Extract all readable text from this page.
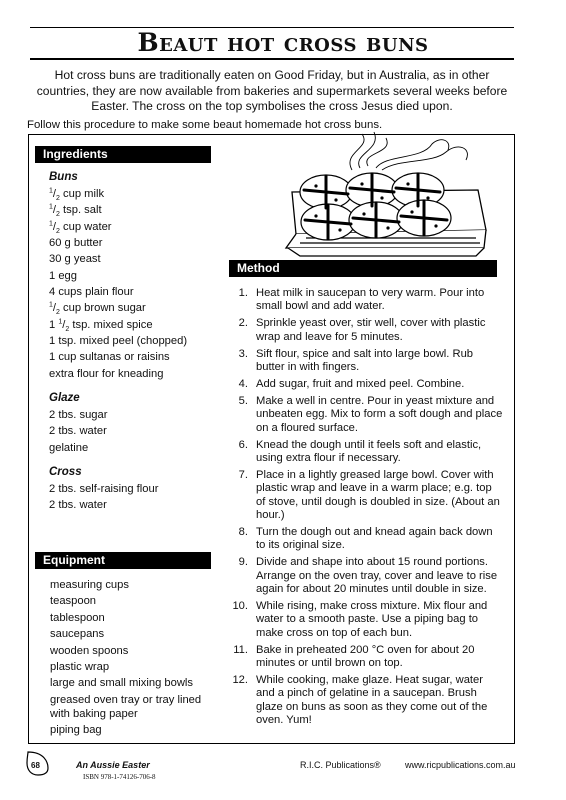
Beaut hot cross buns

Hot cross buns are traditionally eaten on Good Friday, but in Australia, as in other countries, they are now available from bakeries and supermarkets several weeks before Easter. The cross on the top symbolises the cross Jesus died upon.

Follow this procedure to make some beaut homemade hot cross buns.

Ingredients
Buns
$^1/_2$ cup milk
$^1/_2$ tsp. salt
$^1/_2$ cup water
60 g butter
30 g yeast
1 egg
4 cups plain flour
$^1/_2$ cup brown sugar
1 $^1/_2$ tsp. mixed spice
1 tsp. mixed peel (chopped)
1 cup sultanas or raisins
extra flour for kneading
Glaze
2 tbs. sugar
2 tbs. water
gelatine
Cross
2 tbs. self-raising flour
2 tbs. water
Equipment
measuring cups
teaspoon
tablespoon
saucepans
wooden spoons
plastic wrap
large and small mixing bowls
greased oven tray or tray lined with baking paper
piping bag
Method
1. Heat milk in saucepan to very warm. Pour into small bowl and add water.
2. Sprinkle yeast over, stir well, cover with plastic wrap and leave for 5 minutes.
3. Sift flour, spice and salt into large bowl. Rub butter in with fingers.
4. Add sugar, fruit and mixed peel. Combine.
5. Make a well in centre. Pour in yeast mixture and unbeaten egg. Mix to form a soft dough and place on a floured surface.
6. Knead the dough until it feels soft and elastic, using extra flour if necessary.
7. Place in a lightly greased large bowl. Cover with plastic wrap and leave in a warm place; e.g. top of stove, until dough is doubled in size. (About an hour.)
8. Turn the dough out and knead again back down to its original size.
9. Divide and shape into about 15 round portions. Arrange on the oven tray, cover and leave to rise again for about 20 minutes until double in size.
10. While rising, make cross mixture. Mix flour and water to a smooth paste. Use a piping bag to make cross on top of each bun.
11. Bake in preheated 200 °C oven for about 20 minutes or until brown on top.
12. While cooking, make glaze. Heat sugar, water and a pinch of gelatine in a saucepan. Brush glaze on buns as soon as they come out of the oven. Yum!
68	An Aussie Easter
ISBN 978-1-74126-706-8
R.I.C. Publications®	www.ricpublications.com.au
